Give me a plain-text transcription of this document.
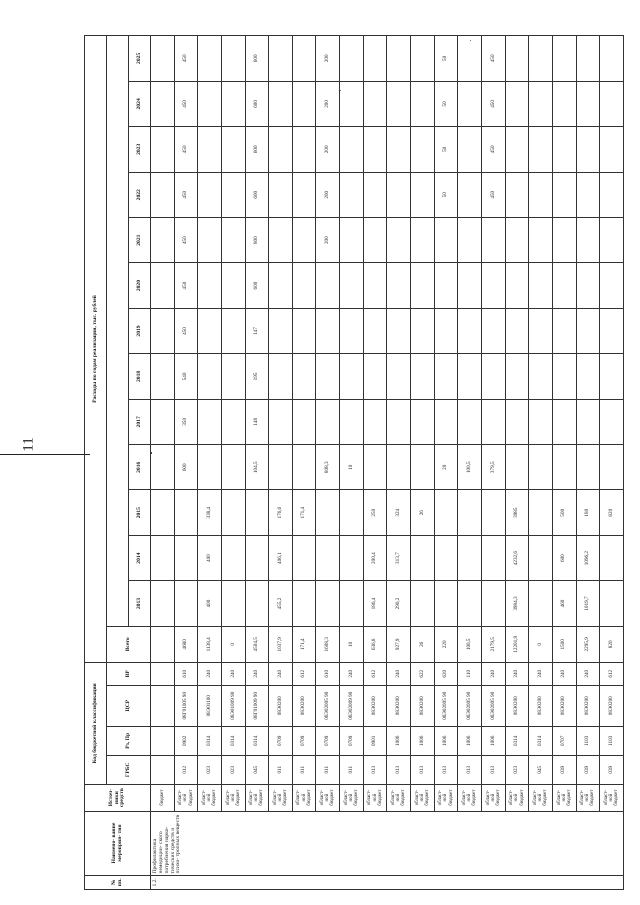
11
№ пп.	Наимено- вание мероприя- тия	Источ- ники средств	Код бюджетной классификации				Расходы по годам реализации, тыс. рублей													
			ГРБС	Рз, Пр	ЦСР	ВР	Всего													
								2013	2014	2015	2016	2017	2018	2019	2020	2021	2022	2023	2024	2025
1.2.	Профилактика немедицин- ского потребления нарко- тических средств и психо- тропных веществ	бюджет																		
		област- ной бюджет	012	0902	08Г01005 90	610	4680				600	350	540	450	450	450	450	450	450	450
		област- ной бюджет	023	0314	08Э01100	240	1138,4	400	400	338,4										
		област- ной бюджет	023	0314	08Э01009 90	240	0													
		област- ной бюджет	045	0314	08Г01009 90	240	4504,5				104,5	148	195	147	600	800	600	600	600	600
		област- ной бюджет	011	0709	08Э0200	240	1037,9	455,2	406,1	176,6										
		област- ной бюджет	011	0709	08Э0200	612	171,4			171,4										
		област- ной бюджет	011	0709	08Э02005 90	610	1608,3				808,3					200	200	200	200	200
		област- ной бюджет	011	0709	08Э02009 90	240	10				10									
		област- ной бюджет	013	0901	08Э0200	612	636,8	186,4	200,4	250										
		област- ной бюджет	013	1006	08Э0200	240	927,9	290,2	313,7	324										
		област- ной бюджет	013	1006	08Э0200	622	26			26										
		област- ной бюджет	013	1006	08Э02005 90	620	220				20						50	50	50	50
		област- ной бюджет	013	1006	08Э02005 90	110	100,5				100,5									
		област- ной бюджет	013	1006	08Э02005 90	240	2179,5				379,5						450	450	450	450
		област- ной бюджет	023	0314	08Э0200	240	12201,9	3984,3	4232,6	3985										
		област- ной бюджет	045	0314	08Э0200	240	0													
		област- ной бюджет	039	0707	08Э0200	240	1500	460	600	500										
		област- ной бюджет	039	1103	08Э0200	240	2295,9	1019,7	1096,2	180										
		област- ной бюджет	039	1103	08Э0200	612	820			820										
